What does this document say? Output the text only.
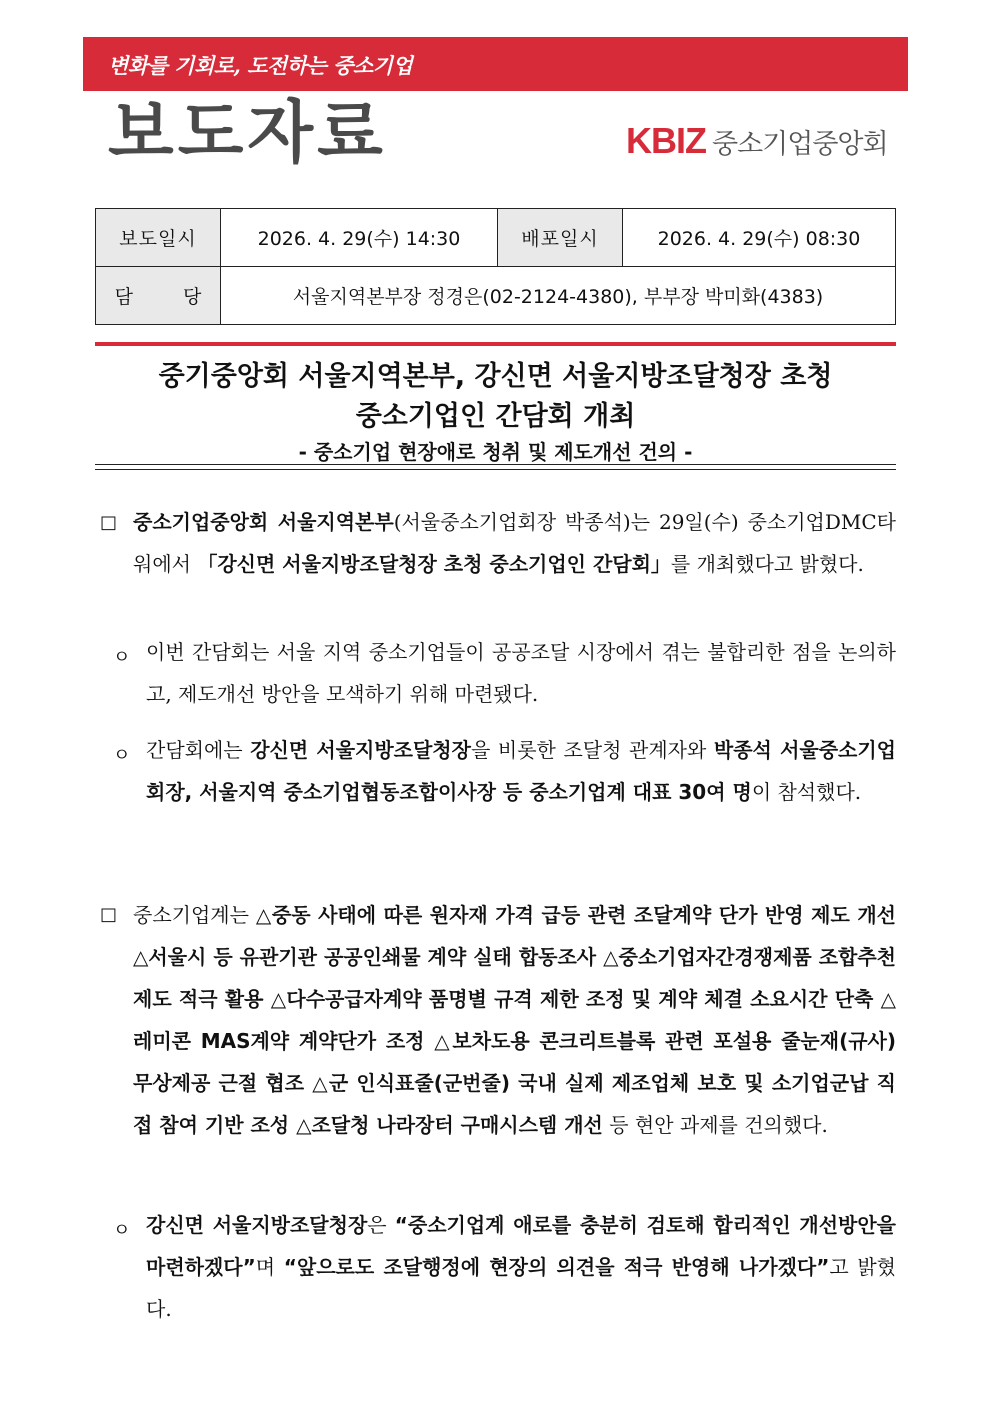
변화를 기회로, 도전하는 중소기업
보도자료	KBIZ 중소기업중앙회
보도일시	2026. 4. 29(수) 14:30	배포일시	2026. 4. 29(수) 08:30
담 당	서울지역본부장 정경은(02-2124-4380), 부부장 박미화(4383)		
중기중앙회 서울지역본부, 강신면 서울지방조달청장 초청
중소기업인 간담회 개최
- 중소기업 현장애로 청취 및 제도개선 건의 -
□ 중소기업중앙회 서울지역본부(서울중소기업회장 박종석)는 29일(수) 중소기업DMC타워에서 「강신면 서울지방조달청장 초청 중소기업인 간담회」를 개최했다고 밝혔다.
ㅇ 이번 간담회는 서울 지역 중소기업들이 공공조달 시장에서 겪는 불합리한 점을 논의하고, 제도개선 방안을 모색하기 위해 마련됐다.
ㅇ 간담회에는 강신면 서울지방조달청장을 비롯한 조달청 관계자와 박종석 서울중소기업회장, 서울지역 중소기업협동조합이사장 등 중소기업계 대표 30여 명이 참석했다.
□ 중소기업계는 △중동 사태에 따른 원자재 가격 급등 관련 조달계약 단가 반영 제도 개선 △서울시 등 유관기관 공공인쇄물 계약 실태 합동조사 △중소기업자간경쟁제품 조합추천제도 적극 활용 △다수공급자계약 품명별 규격 제한 조정 및 계약 체결 소요시간 단축 △레미콘 MAS계약 계약단가 조정 △보차도용 콘크리트블록 관련 포설용 줄눈재(규사) 무상제공 근절 협조 △군 인식표줄(군번줄) 국내 실제 제조업체 보호 및 소기업군납 직접 참여 기반 조성 △조달청 나라장터 구매시스템 개선 등 현안 과제를 건의했다.
ㅇ 강신면 서울지방조달청장은 “중소기업계 애로를 충분히 검토해 합리적인 개선방안을 마련하겠다”며 “앞으로도 조달행정에 현장의 의견을 적극 반영해 나가겠다”고 밝혔다.
